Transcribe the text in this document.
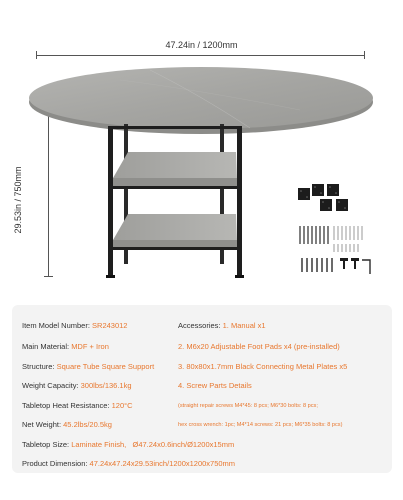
47.24in / 1200mm
29.53in / 750mm
Item Model Number: SR243012
Main Material: MDF + Iron
Structure: Square Tube Square Support
Weight Capacity: 300lbs/136.1kg
Tabletop Heat Resistance: 120°C
Net Weight: 45.2lbs/20.5kg
Tabletop Size: Laminate Finish,   Ø47.24x0.6inch/Ø1200x15mm
Product Dimension: 47.24x47.24x29.53inch/1200x1200x750mm
Accessories: 1. Manual x1
2. M6x20 Adjustable Foot Pads x4 (pre-installed)
3. 80x80x1.7mm Black Connecting Metal Plates x5
4. Screw Parts Details
(straight repair screws M4*45: 8 pcs; M6*30 bolts: 8 pcs;
hex cross wrench: 1pc; M4*14 screws: 21 pcs; M6*35 bolts: 8 pcs)
